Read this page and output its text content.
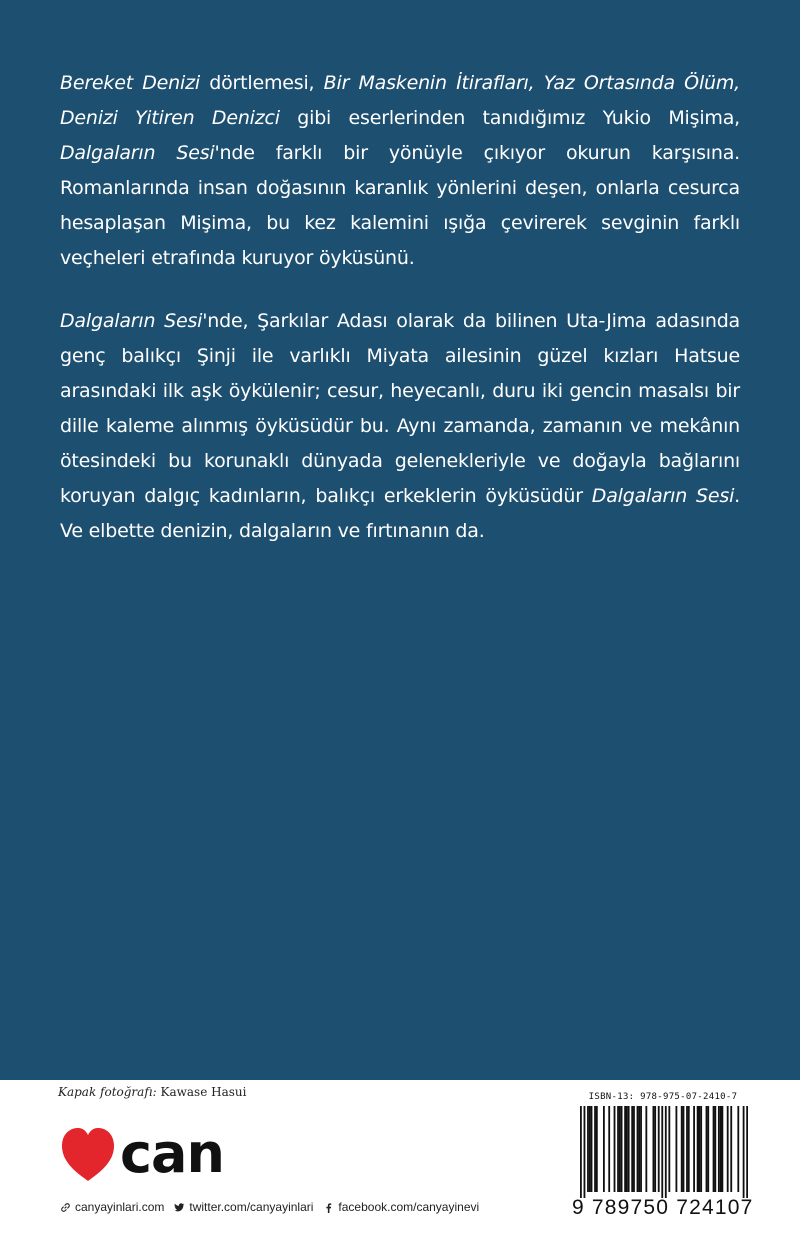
Bereket Denizi dörtlemesi, Bir Maskenin İtirafları, Yaz Ortasında Ölüm, Denizi Yitiren Denizci gibi eserlerinden tanıdığımız Yukio Mişima, Dalgaların Sesi'nde farklı bir yönüyle çıkıyor okurun karşısına. Romanlarında insan doğasının karanlık yönlerini deşen, onlarla cesurca hesaplaşan Mişima, bu kez kalemini ışığa çevirerek sevginin farklı veçheleri etrafında kuruyor öyküsünü.

Dalgaların Sesi'nde, Şarkılar Adası olarak da bilinen Uta-Jima adasında genç balıkçı Şinji ile varlıklı Miyata ailesinin güzel kızları Hatsue arasındaki ilk aşk öykülenir; cesur, heyecanlı, duru iki gencin masalsı bir dille kaleme alınmış öyküsüdür bu. Aynı zamanda, zamanın ve mekânın ötesindeki bu korunaklı dünyada gelenekleriyle ve doğayla bağlarını koruyan dalgıç kadınların, balıkçı erkeklerin öyküsüdür Dalgaların Sesi. Ve elbette denizin, dalgaların ve fırtınanın da.

Kapak fotoğrafı: Kawase Hasui
can
canyayinlari.com twitter.com/canyayinlari facebook.com/canyayinevi
ISBN-13: 978-975-07-2410-7
9 789750 724107
